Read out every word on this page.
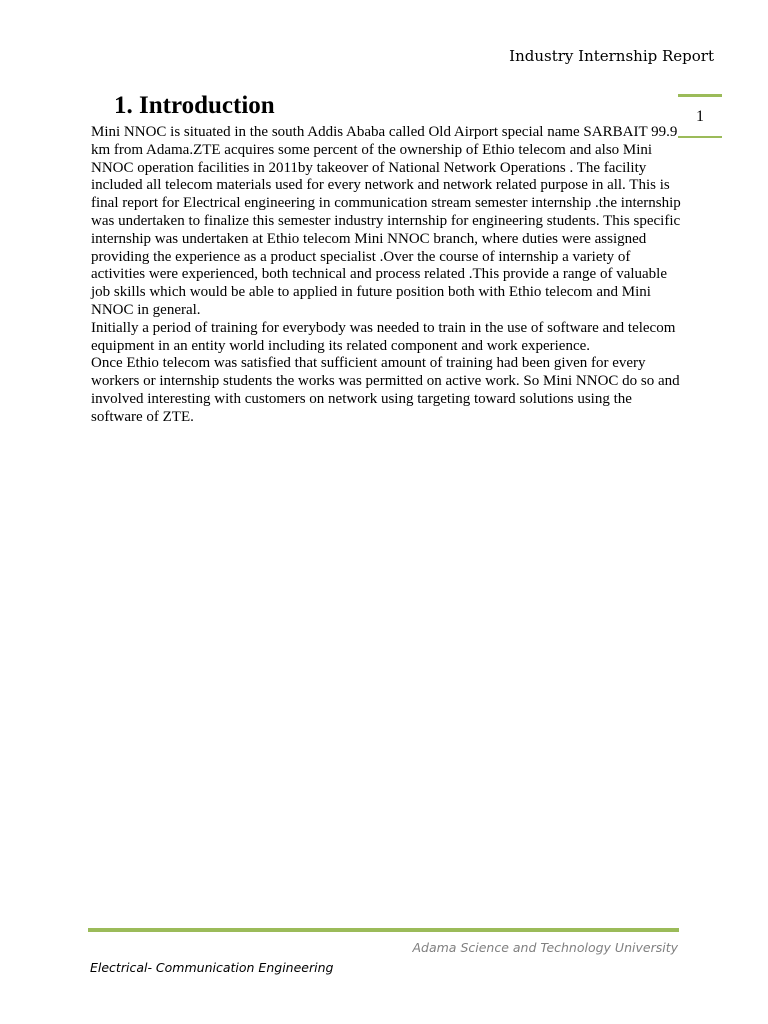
Industry Internship Report
1
1. Introduction

Mini NNOC is situated in the south Addis Ababa called Old Airport special name SARBAIT 99.9 km from Adama.ZTE acquires some percent of the ownership of Ethio telecom and also Mini NNOC operation facilities in 2011by takeover of National Network Operations . The facility included all telecom materials used for every network and network related purpose in all. This is final report for Electrical engineering in communication stream semester internship .the internship was undertaken to finalize this semester industry internship for engineering students. This specific internship was undertaken at Ethio telecom Mini NNOC branch, where duties were assigned providing the experience as a product specialist .Over the course of internship a variety of activities were experienced, both technical and process related .This provide a range of valuable job skills which would be able to applied in future position both with Ethio telecom and Mini NNOC in general.

Initially a period of training for everybody was needed to train in the use of software and telecom equipment in an entity world including its related component and work experience.

Once Ethio telecom was satisfied that sufficient amount of training had been given for every workers or internship students the works was permitted on active work. So Mini NNOC do so and involved interesting with customers on network using targeting toward solutions using the software of ZTE.

Adama Science and Technology University
Electrical- Communication Engineering
